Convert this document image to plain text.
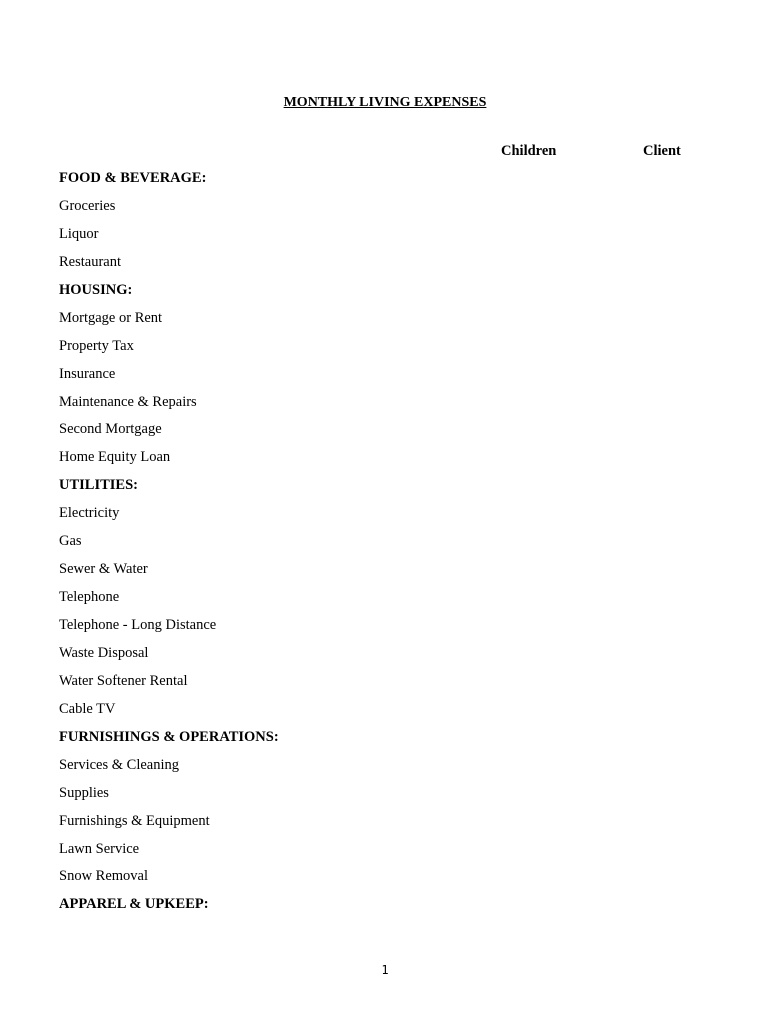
MONTHLY LIVING EXPENSES
Children	Client
FOOD & BEVERAGE:
Groceries
Liquor
Restaurant
HOUSING:
Mortgage or Rent
Property Tax
Insurance
Maintenance & Repairs
Second Mortgage
Home Equity Loan
UTILITIES:
Electricity
Gas
Sewer & Water
Telephone
Telephone - Long Distance
Waste Disposal
Water Softener Rental
Cable TV
FURNISHINGS & OPERATIONS:
Services & Cleaning
Supplies
Furnishings & Equipment
Lawn Service
Snow Removal
APPAREL & UPKEEP:
1
